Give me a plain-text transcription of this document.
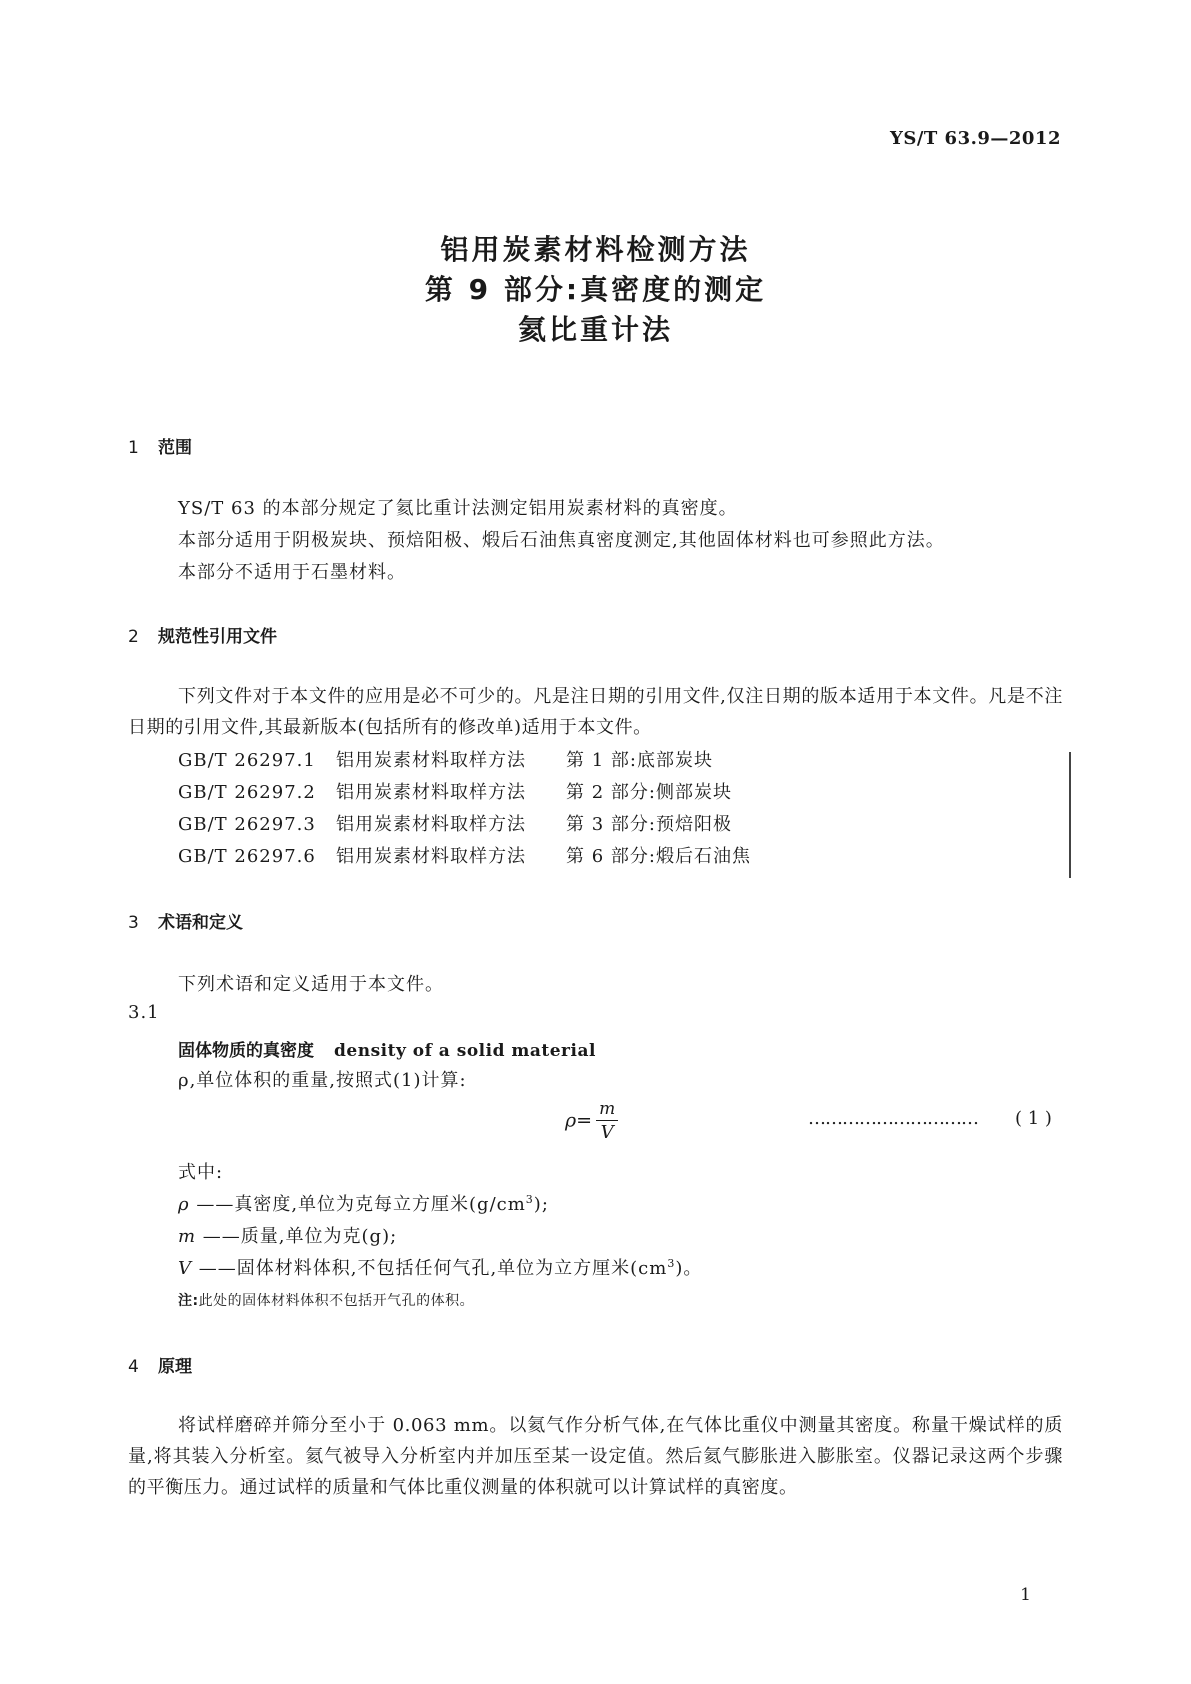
YS/T 63.9—2012
铝用炭素材料检测方法
第 9 部分:真密度的测定
氦比重计法
1 范围
YS/T 63 的本部分规定了氦比重计法测定铝用炭素材料的真密度。
本部分适用于阴极炭块、预焙阳极、煅后石油焦真密度测定,其他固体材料也可参照此方法。
本部分不适用于石墨材料。
2 规范性引用文件
下列文件对于本文件的应用是必不可少的。凡是注日期的引用文件,仅注日期的版本适用于本文件。凡是不注日期的引用文件,其最新版本(包括所有的修改单)适用于本文件。
GB/T 26297.1 铝用炭素材料取样方法 第 1 部:底部炭块
GB/T 26297.2 铝用炭素材料取样方法 第 2 部分:侧部炭块
GB/T 26297.3 铝用炭素材料取样方法 第 3 部分:预焙阳极
GB/T 26297.6 铝用炭素材料取样方法 第 6 部分:煅后石油焦
3 术语和定义
下列术语和定义适用于本文件。
3.1
固体物质的真密度 density of a solid material
ρ,单位体积的重量,按照式(1)计算:
$\rho= \frac{m}{V}$	………………………… ( 1 )
式中:
ρ ——真密度,单位为克每立方厘米$(g/cm^3)$;
m ——质量,单位为克(g);
V ——固体材料体积,不包括任何气孔,单位为立方厘米$(cm^3)$。
注:此处的固体材料体积不包括开气孔的体积。
4 原理
将试样磨碎并筛分至小于 0.063 mm。以氦气作分析气体,在气体比重仪中测量其密度。称量干燥试样的质量,将其装入分析室。氦气被导入分析室内并加压至某一设定值。然后氦气膨胀进入膨胀室。仪器记录这两个步骤的平衡压力。通过试样的质量和气体比重仪测量的体积就可以计算试样的真密度。
1
